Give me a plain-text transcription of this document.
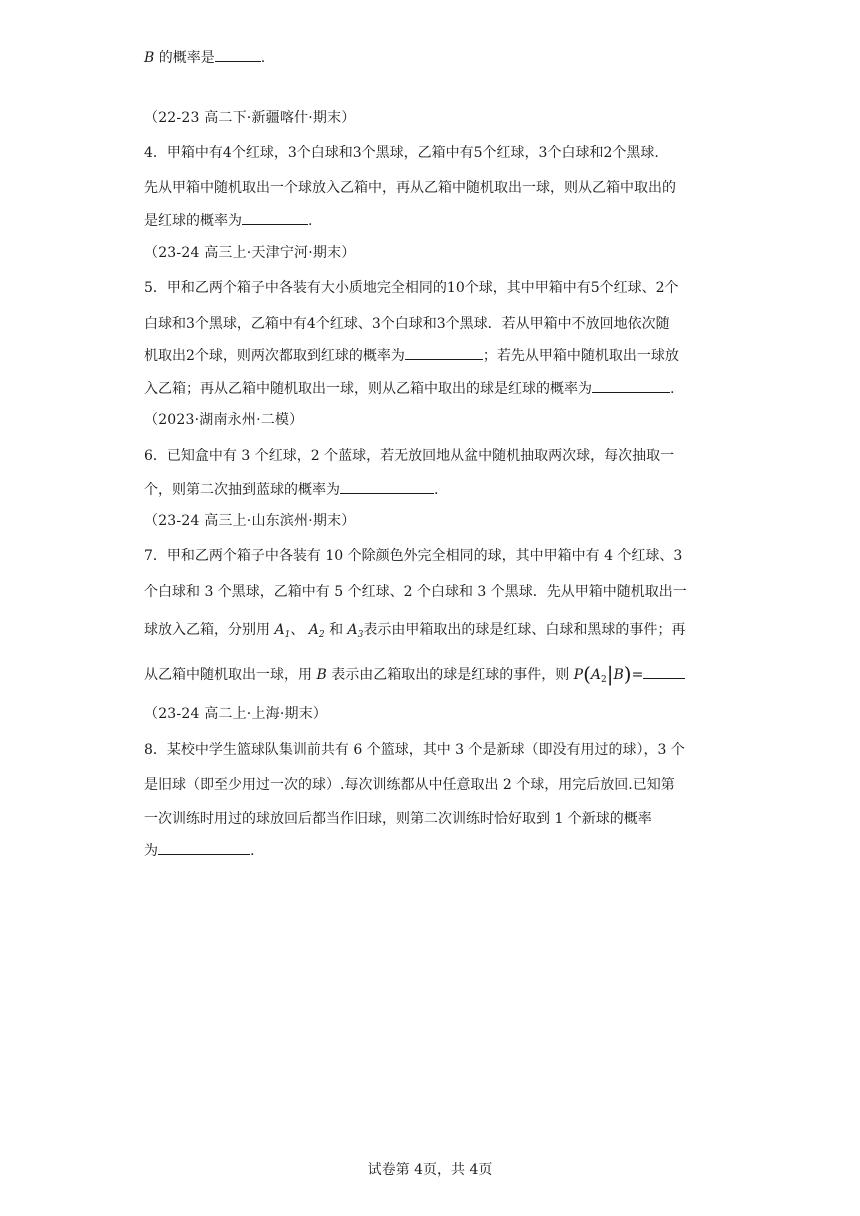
B 的概率是	.
（22-23 高二下·新疆喀什·期末）
4．甲箱中有4个红球，3个白球和3个黑球，乙箱中有5个红球，3个白球和2个黑球.
先从甲箱中随机取出一个球放入乙箱中，再从乙箱中随机取出一球，则从乙箱中取出的
是红球的概率为	.
（23-24 高三上·天津宁河·期末）
5．甲和乙两个箱子中各装有大小质地完全相同的10个球，其中甲箱中有5个红球、2个
白球和3个黑球，乙箱中有4个红球、3个白球和3个黑球．若从甲箱中不放回地依次随
机取出2个球，则两次都取到红球的概率为	；若先从甲箱中随机取出一球放
入乙箱；再从乙箱中随机取出一球，则从乙箱中取出的球是红球的概率为	.
（2023·湖南永州·二模）
6．已知盒中有 3 个红球，2 个蓝球，若无放回地从盆中随机抽取两次球，每次抽取一
个，则第二次抽到蓝球的概率为	.
（23-24 高三上·山东滨州·期末）
7．甲和乙两个箱子中各装有 10 个除颜色外完全相同的球，其中甲箱中有 4 个红球、3
个白球和 3 个黑球，乙箱中有 5 个红球、2 个白球和 3 个黑球．先从甲箱中随机取出一
球放入乙箱，分别用 $A_1$、 $A_2$ 和 $A_3$表示由甲箱取出的球是红球、白球和黑球的事件；再
从乙箱中随机取出一球，用 B 表示由乙箱取出的球是红球的事件，则 $P(A_2|B)=$
（23-24 高二上·上海·期末）
8．某校中学生篮球队集训前共有 6 个篮球，其中 3 个是新球（即没有用过的球），3 个
是旧球（即至少用过一次的球）.每次训练都从中任意取出 2 个球，用完后放回.已知第
一次训练时用过的球放回后都当作旧球，则第二次训练时恰好取到 1 个新球的概率
为	.
试卷第 4页，共 4页
